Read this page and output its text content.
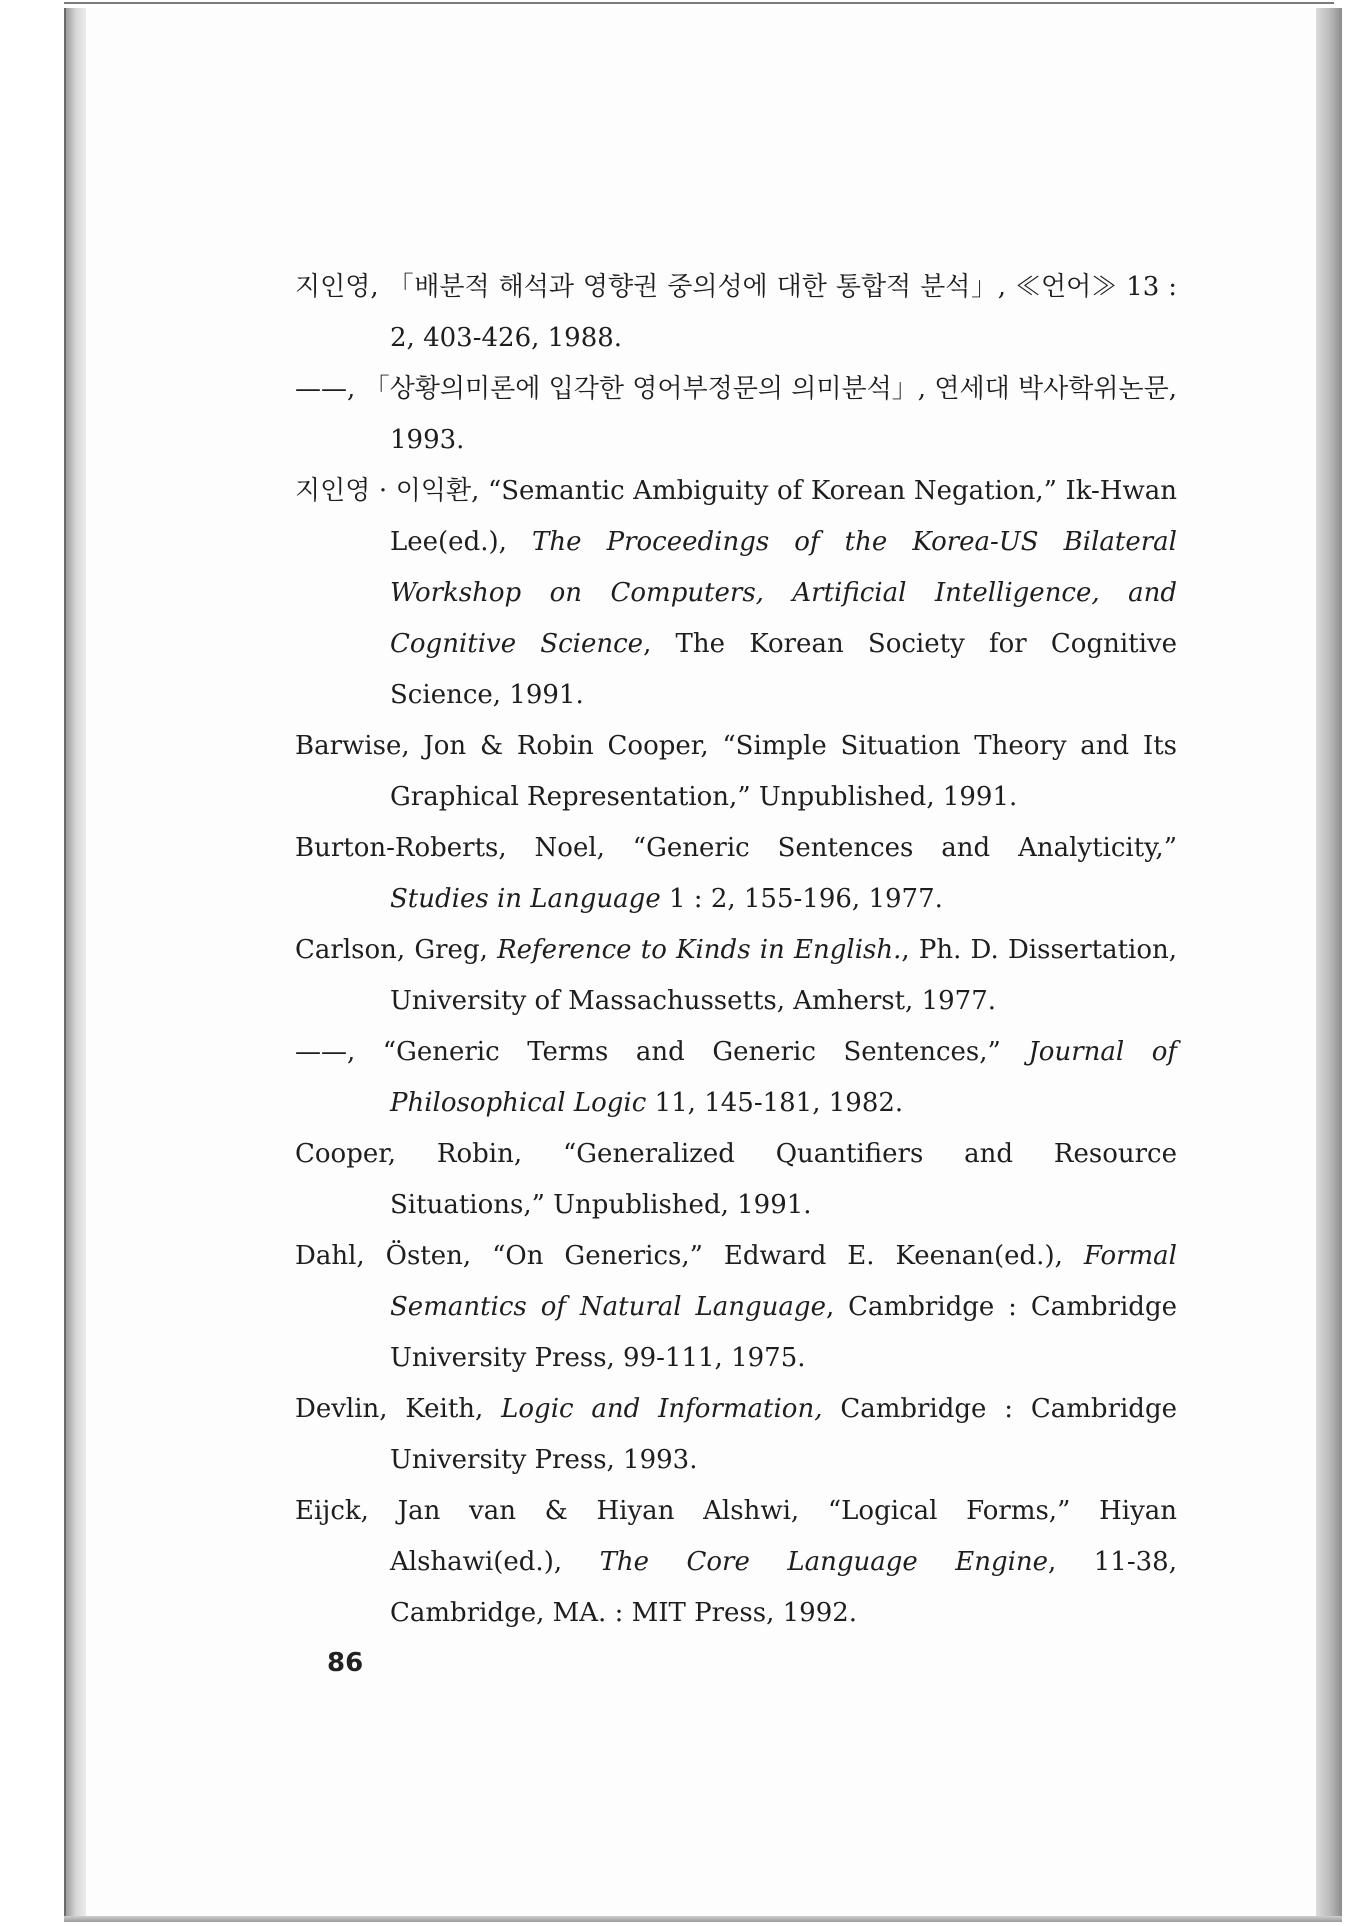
지인영, 「배분적 해석과 영향권 중의성에 대한 통합적 분석」, ≪언어≫ 13 : 2, 403-426, 1988.

——, 「상황의미론에 입각한 영어부정문의 의미분석」, 연세대 박사학위논문, 1993.

지인영 · 이익환, “Semantic Ambiguity of Korean Negation,” Ik-Hwan Lee(ed.), The Proceedings of the Korea-US Bilateral Workshop on Computers, Artificial Intelligence, and Cognitive Science, The Korean Society for Cognitive Science, 1991.

Barwise, Jon & Robin Cooper, “Simple Situation Theory and Its Graphical Representation,” Unpublished, 1991.

Burton-Roberts, Noel, “Generic Sentences and Analyticity,” Studies in Language 1 : 2, 155-196, 1977.

Carlson, Greg, Reference to Kinds in English., Ph. D. Dissertation, University of Massachussetts, Amherst, 1977.

——, “Generic Terms and Generic Sentences,” Journal of Philosophical Logic 11, 145-181, 1982.

Cooper, Robin, “Generalized Quantifiers and Resource Situations,” Unpublished, 1991.

Dahl, Östen, “On Generics,” Edward E. Keenan(ed.), Formal Semantics of Natural Language, Cambridge : Cambridge University Press, 99-111, 1975.

Devlin, Keith, Logic and Information, Cambridge : Cambridge University Press, 1993.

Eijck, Jan van & Hiyan Alshwi, “Logical Forms,” Hiyan Alshawi(ed.), The Core Language Engine, 11-38, Cambridge, MA. : MIT Press, 1992.

86
